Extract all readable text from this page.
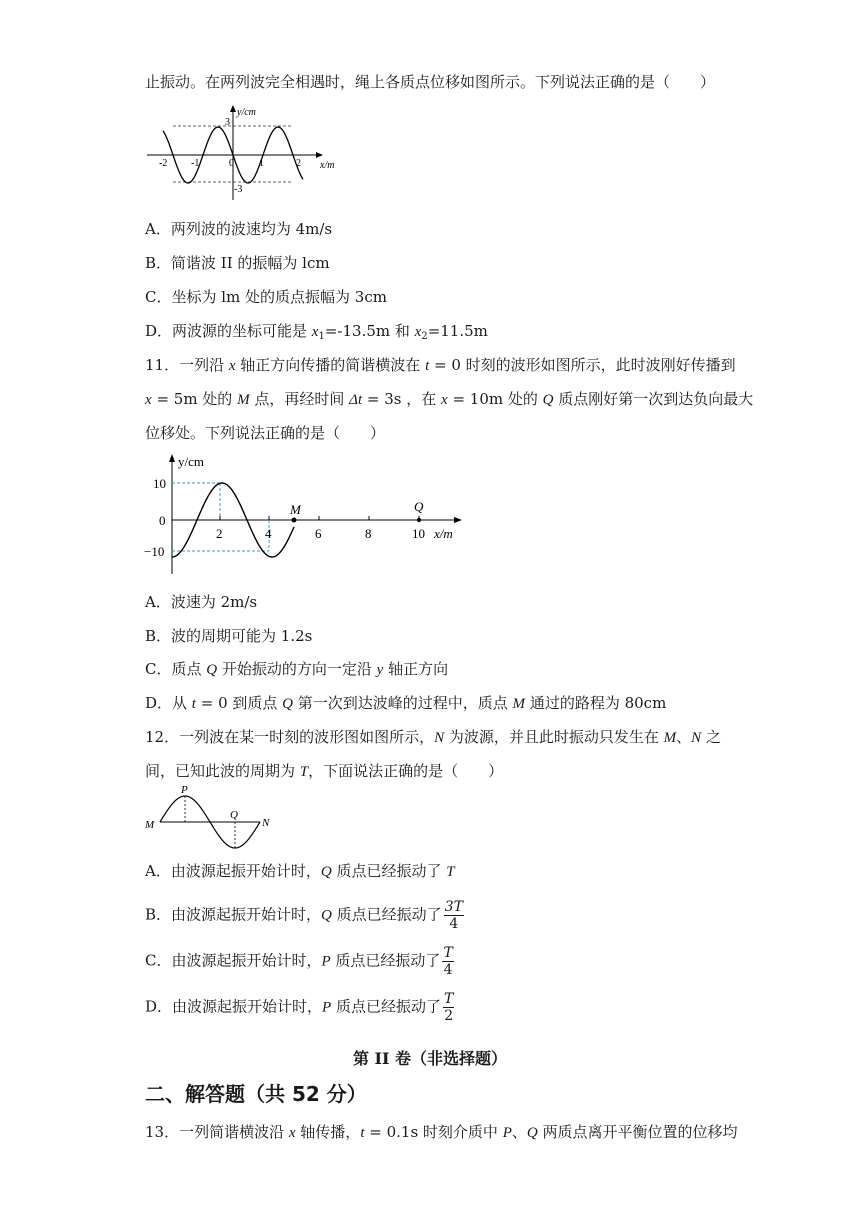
止振动。在两列波完全相遇时，绳上各质点位移如图所示。下列说法正确的是（　　）
y/cm
x/m
3
-3
-2 -1	0	1	2
A．两列波的波速均为 4m/s
B．简谐波 II 的振幅为 lcm
C．坐标为 lm 处的质点振幅为 3cm
D．两波源的坐标可能是 $x_1=-13.5m$ 和 $x_2=11.5m$
11．一列沿 x 轴正方向传播的简谐横波在 t = 0 时刻的波形如图所示，此时波刚好传播到
x = 5m 处的 M 点，再经时间 Δt = 3s ，在 x = 10m 处的 Q 质点刚好第一次到达负向最大
位移处。下列说法正确的是（　　）
y/cm
10
0
−10
2	4	6	8	10 x/m
M	Q
A．波速为 2m/s
B．波的周期可能为 1.2s
C．质点 Q 开始振动的方向一定沿 y 轴正方向
D．从 t = 0 到质点 Q 第一次到达波峰的过程中，质点 M 通过的路程为 80cm
12．一列波在某一时刻的波形图如图所示，N 为波源，并且此时振动只发生在 M、N 之
间，已知此波的周期为 T，下面说法正确的是（　　）
P
Q
M	N
A．由波源起振开始计时，Q 质点已经振动了 T
B．由波源起振开始计时，Q 质点已经振动了 $\frac{3T}{4}$
C．由波源起振开始计时，P 质点已经振动了 $\frac{T}{4}$
D．由波源起振开始计时，P 质点已经振动了 $\frac{T}{2}$
第 II 卷（非选择题）
二、解答题（共 52 分）
13．一列简谐横波沿 x 轴传播，t = 0.1s 时刻介质中 P、Q 两质点离开平衡位置的位移均
